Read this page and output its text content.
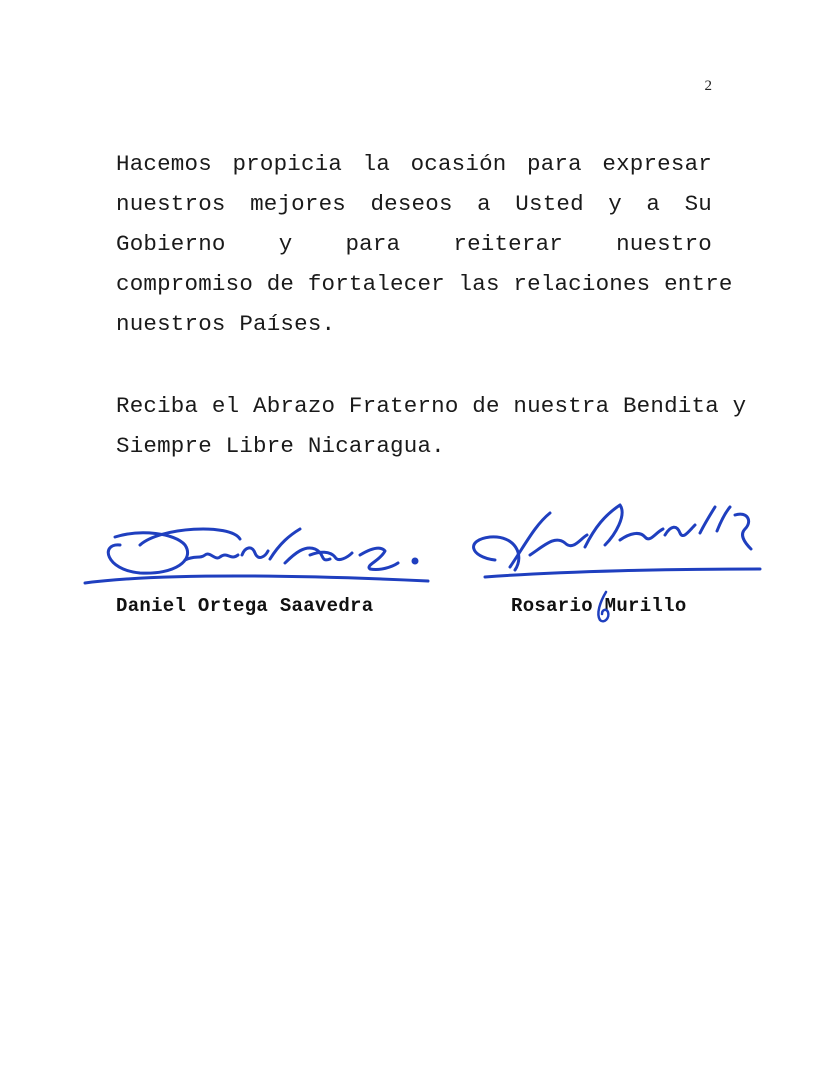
2

Hacemos propicia la ocasión para expresar
nuestros mejores deseos a Usted y a Su
Gobierno y para reiterar nuestro
compromiso de fortalecer las relaciones entre
nuestros Países.

Reciba el Abrazo Fraterno de nuestra Bendita y
Siempre Libre Nicaragua.

Daniel Ortega Saavedra	Rosario Murillo
